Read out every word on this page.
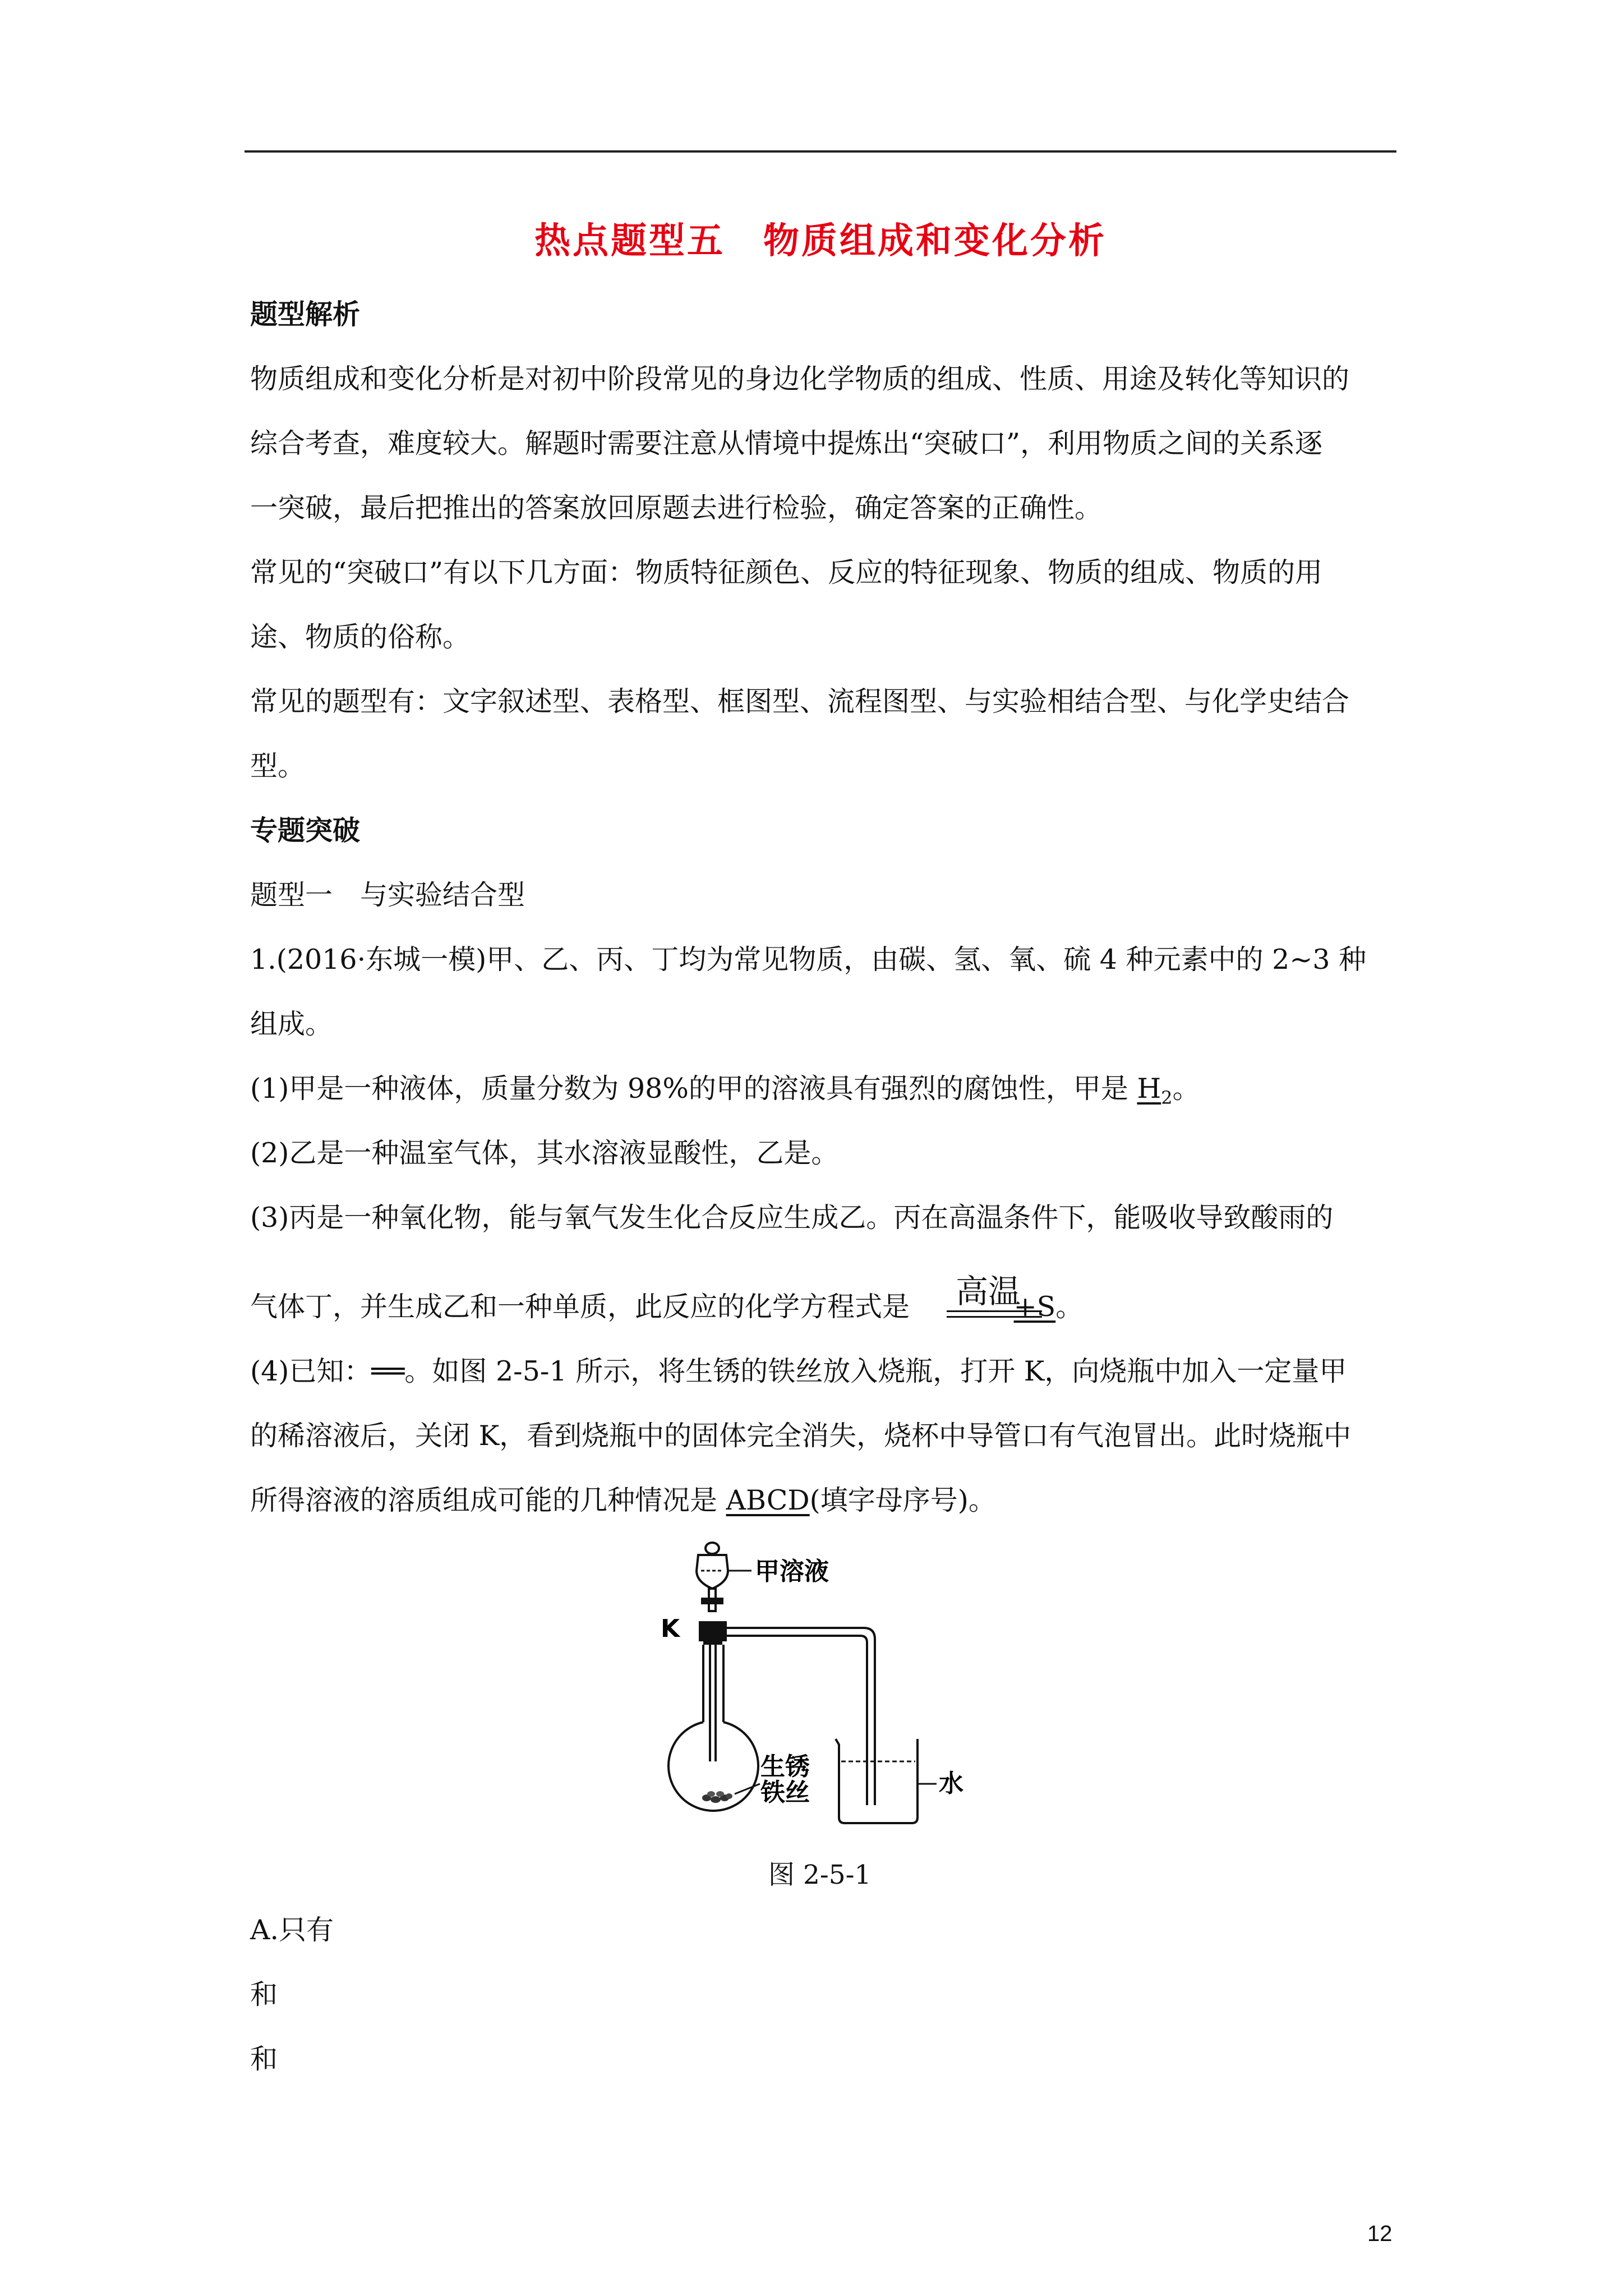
热点题型五　物质组成和变化分析
题型解析
物质组成和变化分析是对初中阶段常见的身边化学物质的组成、性质、用途及转化等知识的
综合考查，难度较大。解题时需要注意从情境中提炼出“突破口”，利用物质之间的关系逐
一突破，最后把推出的答案放回原题去进行检验，确定答案的正确性。
常见的“突破口”有以下几方面：物质特征颜色、反应的特征现象、物质的组成、物质的用
途、物质的俗称。
常见的题型有：文字叙述型、表格型、框图型、流程图型、与实验相结合型、与化学史结合
型。
专题突破
题型一　与实验结合型
1.(2016·东城一模)甲、乙、丙、丁均为常见物质，由碳、氢、氧、硫 4 种元素中的 2~3 种
组成。
(1)甲是一种液体，质量分数为 98%的甲的溶液具有强烈的腐蚀性，甲是 $H_2$。
(2)乙是一种温室气体，其水溶液显酸性，乙是。
(3)丙是一种氧化物，能与氧气发生化合反应生成乙。丙在高温条件下，能吸收导致酸雨的
高温
气体丁，并生成乙和一种单质，此反应的化学方程式是	+S。
(4)已知：══。如图 2-5-1 所示，将生锈的铁丝放入烧瓶，打开 K，向烧瓶中加入一定量甲
的稀溶液后，关闭 K，看到烧瓶中的固体完全消失，烧杯中导管口有气泡冒出。此时烧瓶中
所得溶液的溶质组成可能的几种情况是 ABCD(填字母序号)。
甲溶液
K
生锈
铁丝	水
图 2-5-1
A.只有
和
和
12
